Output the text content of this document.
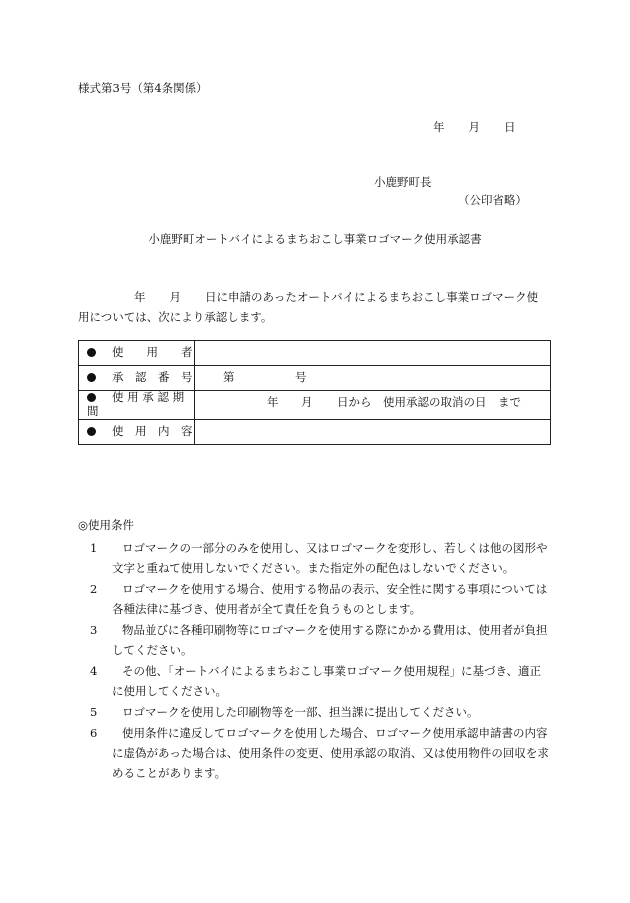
様式第3号（第4条関係）
年 月 日
小鹿野町長
（公印省略）
小鹿野町オートバイによるまちおこし事業ロゴマーク使用承認書
年 月 日に申請のあったオートバイによるまちおこし事業ロゴマーク使
用については、次により承認します。
使　　用　　者	
承　認　番　号	第 号

使 用 承 認 期 間	年 月 日から　使用承認の取消の日　まで

使　用　内　容	
◎使用条件
1	ロゴマークの一部分のみを使用し、又はロゴマークを変形し、若しくは他の図形や文字と重ねて使用しないでください。また指定外の配色はしないでください。
2	ロゴマークを使用する場合、使用する物品の表示、安全性に関する事項については各種法律に基づき、使用者が全て責任を負うものとします。
3	物品並びに各種印刷物等にロゴマークを使用する際にかかる費用は、使用者が負担してください。
4	その他、「オートバイによるまちおこし事業ロゴマーク使用規程」に基づき、適正に使用してください。
5	ロゴマークを使用した印刷物等を一部、担当課に提出してください。
6	使用条件に違反してロゴマークを使用した場合、ロゴマーク使用承認申請書の内容に虚偽があった場合は、使用条件の変更、使用承認の取消、又は使用物件の回収を求めることがあります。
